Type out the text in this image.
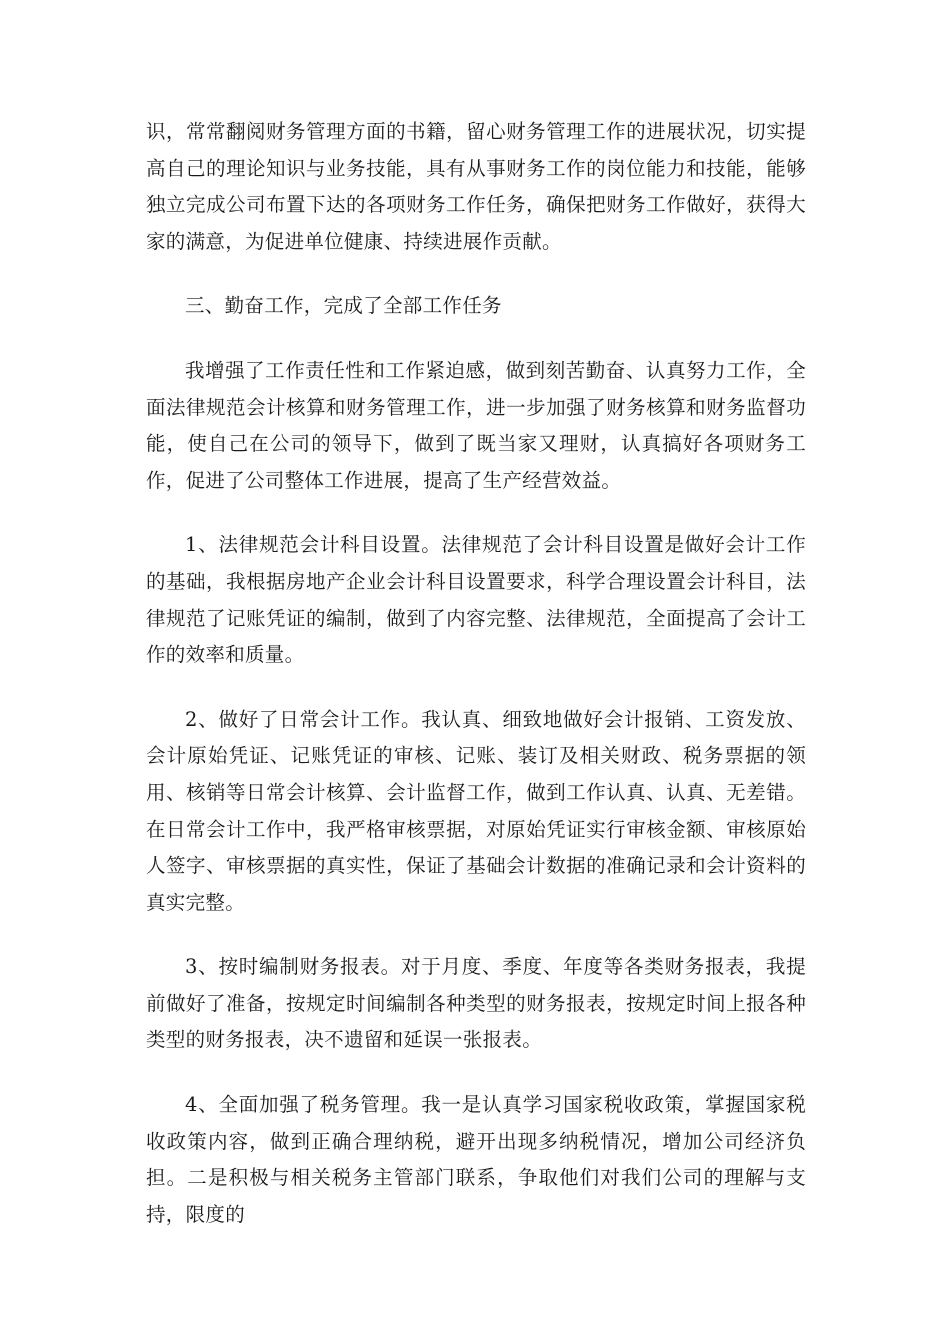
识，常常翻阅财务管理方面的书籍，留心财务管理工作的进展状况，切实提高自己的理论知识与业务技能，具有从事财务工作的岗位能力和技能，能够独立完成公司布置下达的各项财务工作任务，确保把财务工作做好，获得大家的满意，为促进单位健康、持续进展作贡献。

三、勤奋工作，完成了全部工作任务

我增强了工作责任性和工作紧迫感，做到刻苦勤奋、认真努力工作，全面法律规范会计核算和财务管理工作，进一步加强了财务核算和财务监督功能，使自己在公司的领导下，做到了既当家又理财，认真搞好各项财务工作，促进了公司整体工作进展，提高了生产经营效益。

1、法律规范会计科目设置。法律规范了会计科目设置是做好会计工作的基础，我根据房地产企业会计科目设置要求，科学合理设置会计科目，法律规范了记账凭证的编制，做到了内容完整、法律规范，全面提高了会计工作的效率和质量。

2、做好了日常会计工作。我认真、细致地做好会计报销、工资发放、会计原始凭证、记账凭证的审核、记账、装订及相关财政、税务票据的领用、核销等日常会计核算、会计监督工作，做到工作认真、认真、无差错。在日常会计工作中，我严格审核票据，对原始凭证实行审核金额、审核原始人签字、审核票据的真实性，保证了基础会计数据的准确记录和会计资料的真实完整。

3、按时编制财务报表。对于月度、季度、年度等各类财务报表，我提前做好了准备，按规定时间编制各种类型的财务报表，按规定时间上报各种类型的财务报表，决不遗留和延误一张报表。

4、全面加强了税务管理。我一是认真学习国家税收政策，掌握国家税收政策内容，做到正确合理纳税，避开出现多纳税情况，增加公司经济负担。二是积极与相关税务主管部门联系，争取他们对我们公司的理解与支持，限度的
